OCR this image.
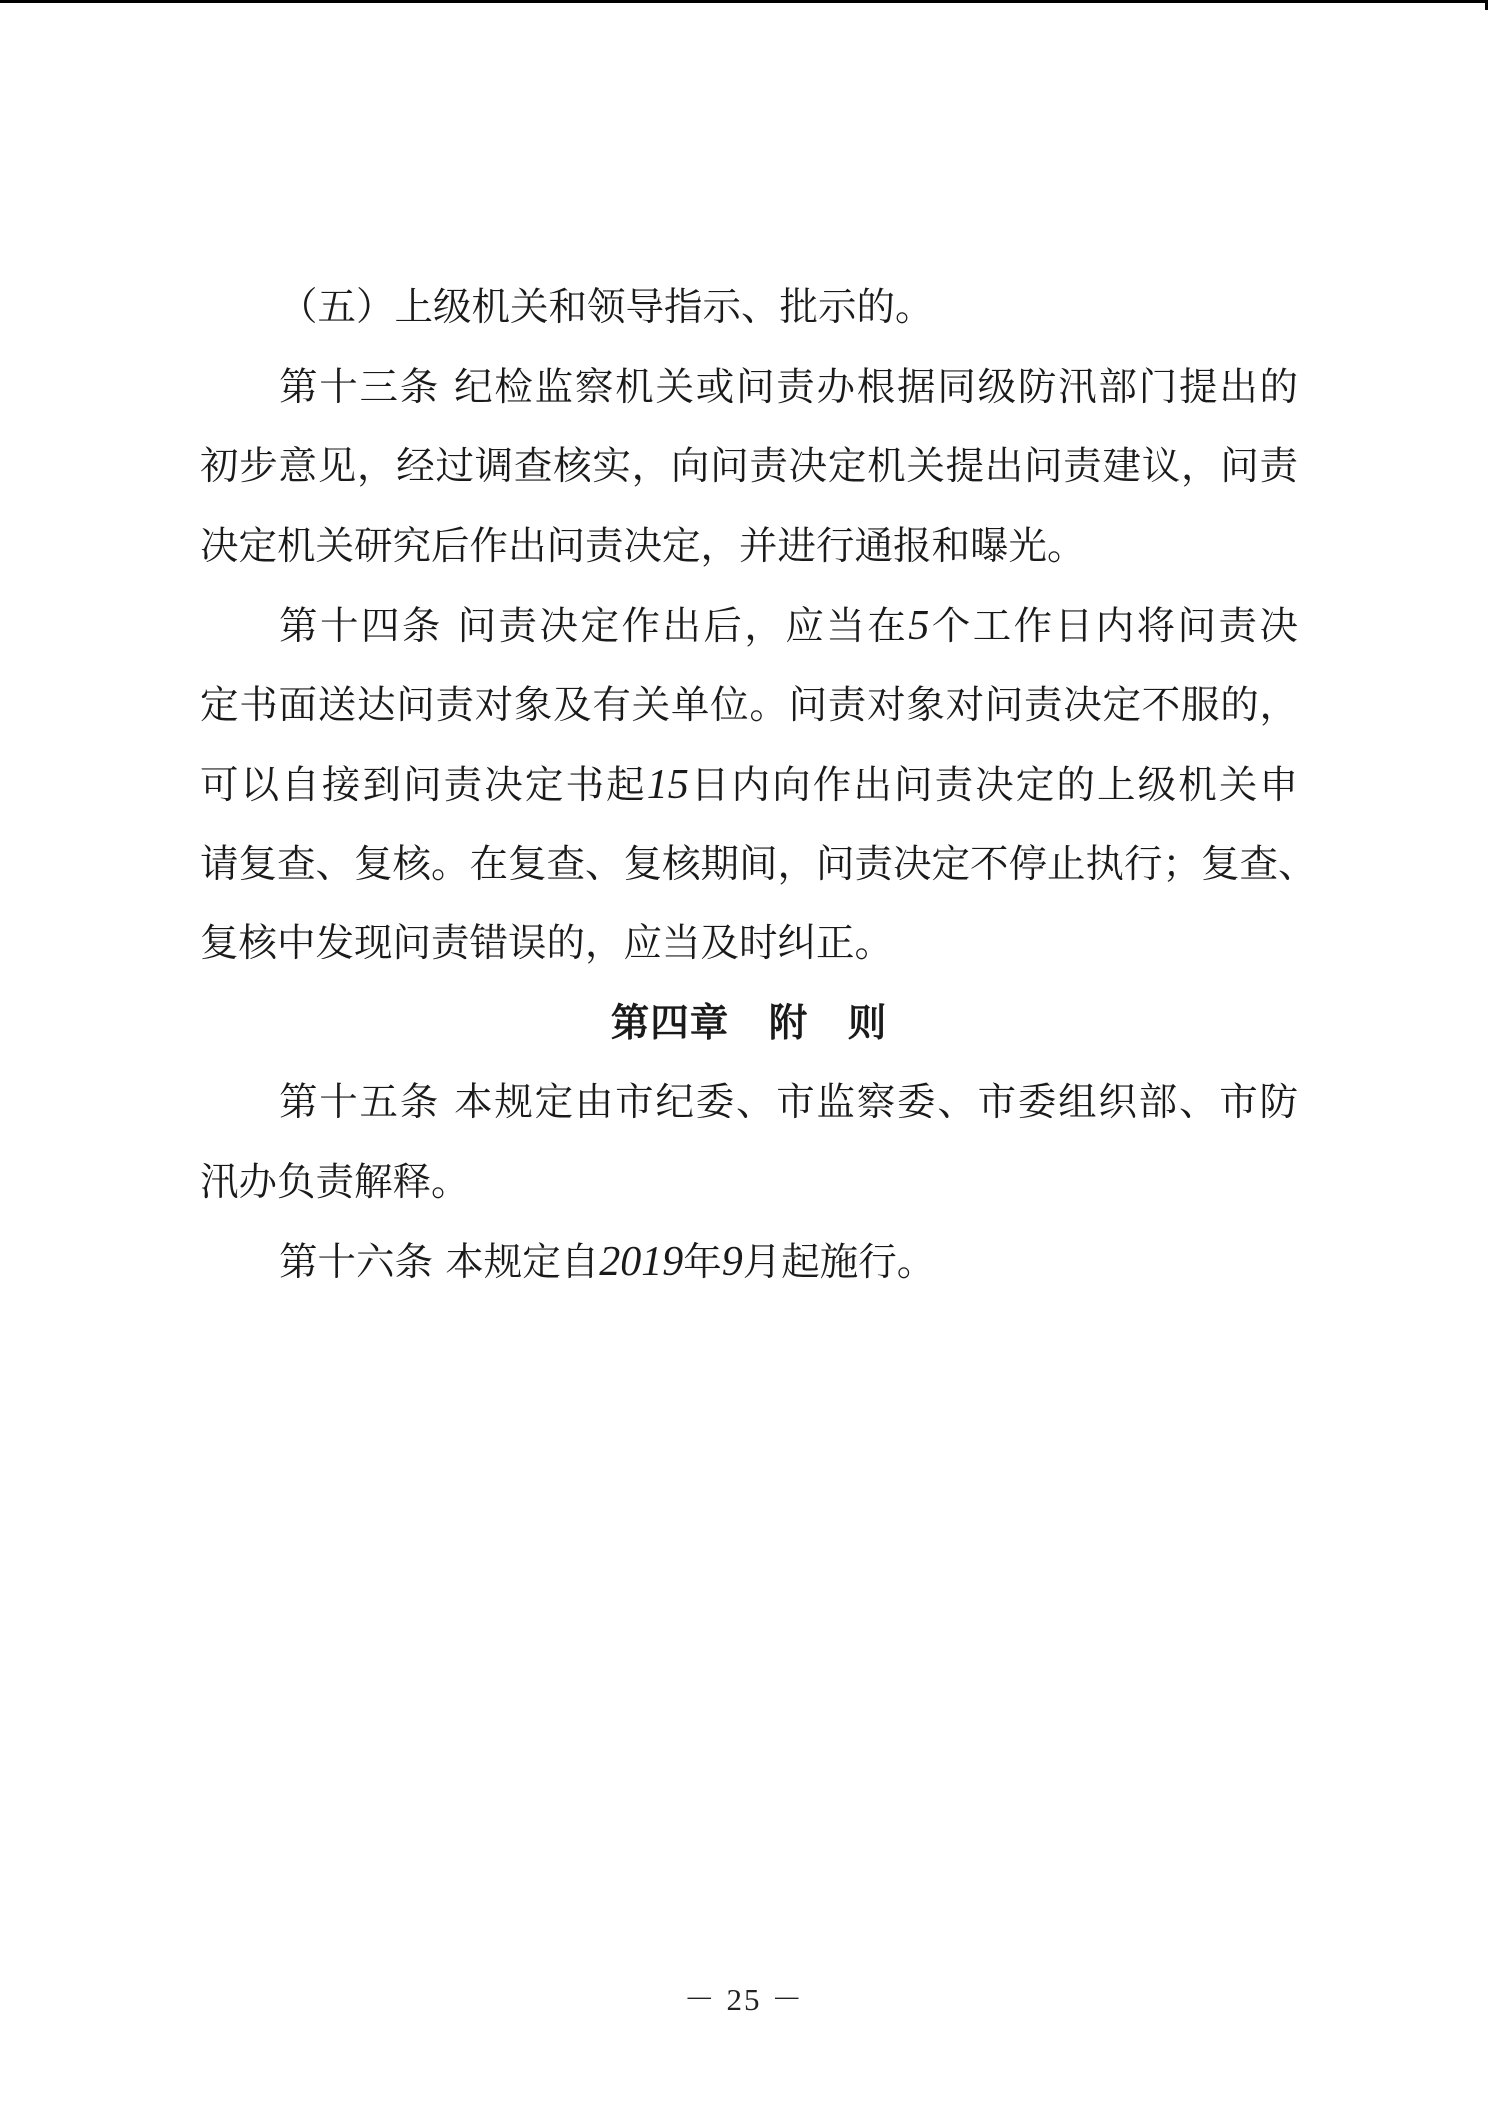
（五）上级机关和领导指示、批示的。
第十三条 纪检监察机关或问责办根据同级防汛部门提出的
初步意见，经过调查核实，向问责决定机关提出问责建议，问责
决定机关研究后作出问责决定，并进行通报和曝光。
第十四条 问责决定作出后，应当在5个工作日内将问责决
定书面送达问责对象及有关单位。问责对象对问责决定不服的，
可以自接到问责决定书起15日内向作出问责决定的上级机关申
请复查、复核。在复查、复核期间，问责决定不停止执行；复查、
复核中发现问责错误的，应当及时纠正。
第四章　附　则
第十五条 本规定由市纪委、市监察委、市委组织部、市防
汛办负责解释。
第十六条 本规定自2019年9月起施行。
－ 25 －
